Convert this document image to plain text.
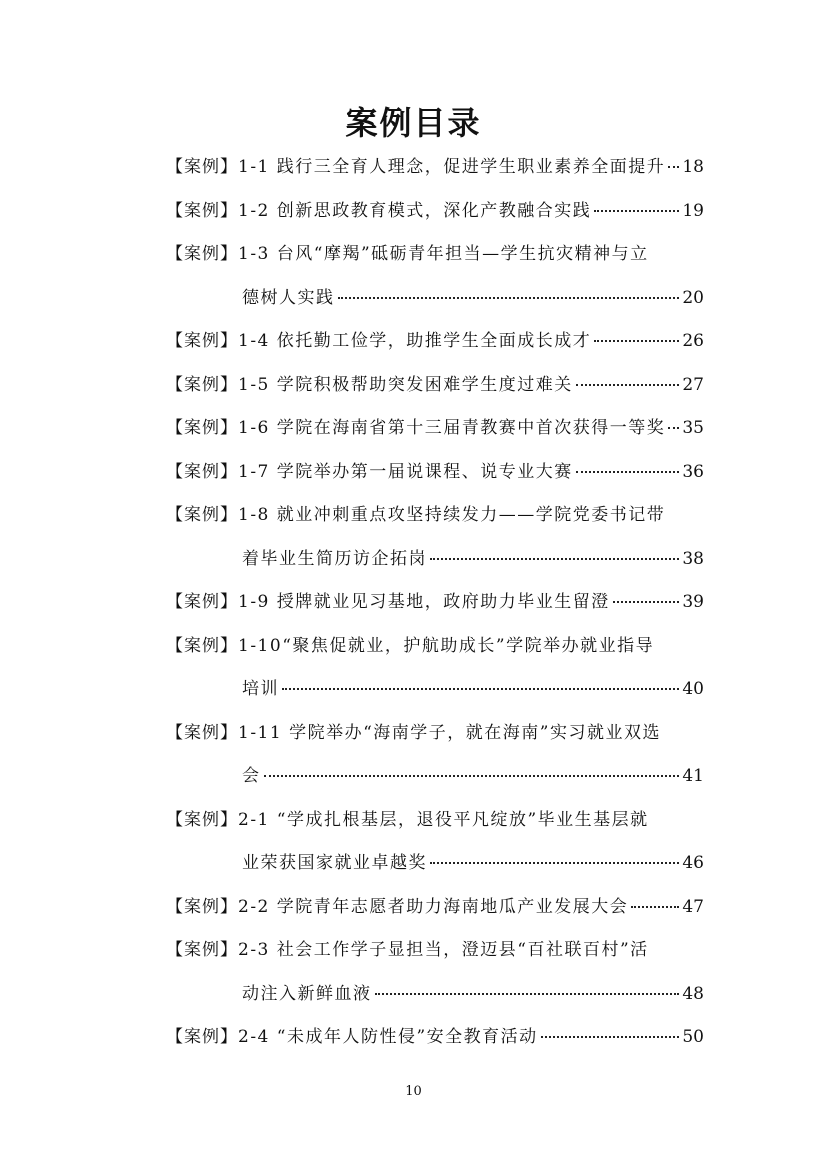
案例目录
【案例】 1-1 践行三全育人理念，促进学生职业素养全面提升 18
【案例】 1-2 创新思政教育模式，深化产教融合实践	19
【案例】 1-3 台风“摩羯”砥砺青年担当—学生抗灾精神与立
德树人实践	20
【案例】 1-4 依托勤工俭学，助推学生全面成长成才	26
【案例】 1-5 学院积极帮助突发困难学生度过难关	27
【案例】 1-6 学院在海南省第十三届青教赛中首次获得一等奖 35
【案例】 1-7 学院举办第一届说课程、说专业大赛	36
【案例】 1-8 就业冲刺重点攻坚持续发力——学院党委书记带
着毕业生简历访企拓岗	38
【案例】 1-9 授牌就业见习基地，政府助力毕业生留澄	39
【案例】 1-10“聚焦促就业，护航助成长”学院举办就业指导
培训	40
【案例】 1-11 学院举办“海南学子，就在海南”实习就业双选
会	41
【案例】 2-1 “学成扎根基层，退役平凡绽放”毕业生基层就
业荣获国家就业卓越奖	46
【案例】 2-2 学院青年志愿者助力海南地瓜产业发展大会	47
【案例】 2-3 社会工作学子显担当，澄迈县“百社联百村”活
动注入新鲜血液	48
【案例】 2-4 “未成年人防性侵”安全教育活动	50
10
